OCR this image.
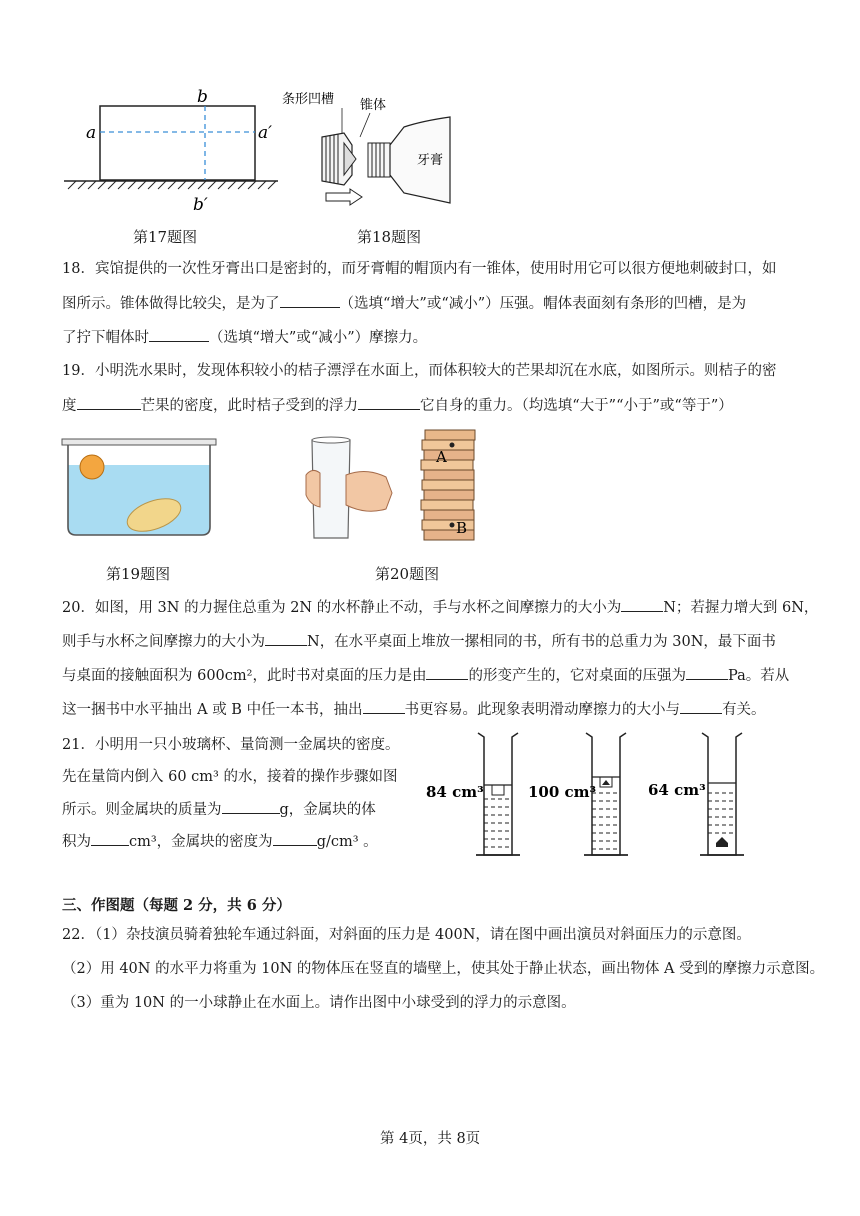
a	a′
b
b′
第17题图
条形凹槽 锥体
牙膏
第18题图
18．宾馆提供的一次性牙膏出口是密封的，而牙膏帽的帽顶内有一锥体，使用时用它可以很方便地刺破封口，如
图所示。锥体做得比较尖，是为了	（选填“增大”或“减小”）压强。帽体表面刻有条形的凹槽，是为
了拧下帽体时	（选填“增大”或“减小”）摩擦力。
19．小明洗水果时，发现体积较小的桔子漂浮在水面上，而体积较大的芒果却沉在水底，如图所示。则桔子的密
度	芒果的密度，此时桔子受到的浮力	它自身的重力。（均选填“大于”“小于”或“等于”）
第19题图
A
B
第20题图
20．如图，用 3N 的力握住总重为 2N 的水杯静止不动，手与水杯之间摩擦力的大小为	N；若握力增大到 6N，
则手与水杯之间摩擦力的大小为	N，在水平桌面上堆放一摞相同的书，所有书的总重力为 30N，最下面书
与桌面的接触面积为 600cm²，此时书对桌面的压力是由	的形变产生的，它对桌面的压强为	Pa。若从
这一捆书中水平抽出 A 或 B 中任一本书，抽出	书更容易。此现象表明滑动摩擦力的大小与	有关。
21．小明用一只小玻璃杯、量筒测一金属块的密度。
先在量筒内倒入 60 cm³ 的水，接着的操作步骤如图
所示。则金属块的质量为	g，金属块的体
积为	cm³，金属块的密度为	g/cm³ 。
84 cm³	100 cm³	64 cm³
三、作图题（每题 2 分，共 6 分）
22．（1）杂技演员骑着独轮车通过斜面，对斜面的压力是 400N，请在图中画出演员对斜面压力的示意图。
（2）用 40N 的水平力将重为 10N 的物体压在竖直的墙壁上，使其处于静止状态，画出物体 A 受到的摩擦力示意图。
（3）重为 10N 的一小球静止在水面上。请作出图中小球受到的浮力的示意图。
第 4页，共 8页
